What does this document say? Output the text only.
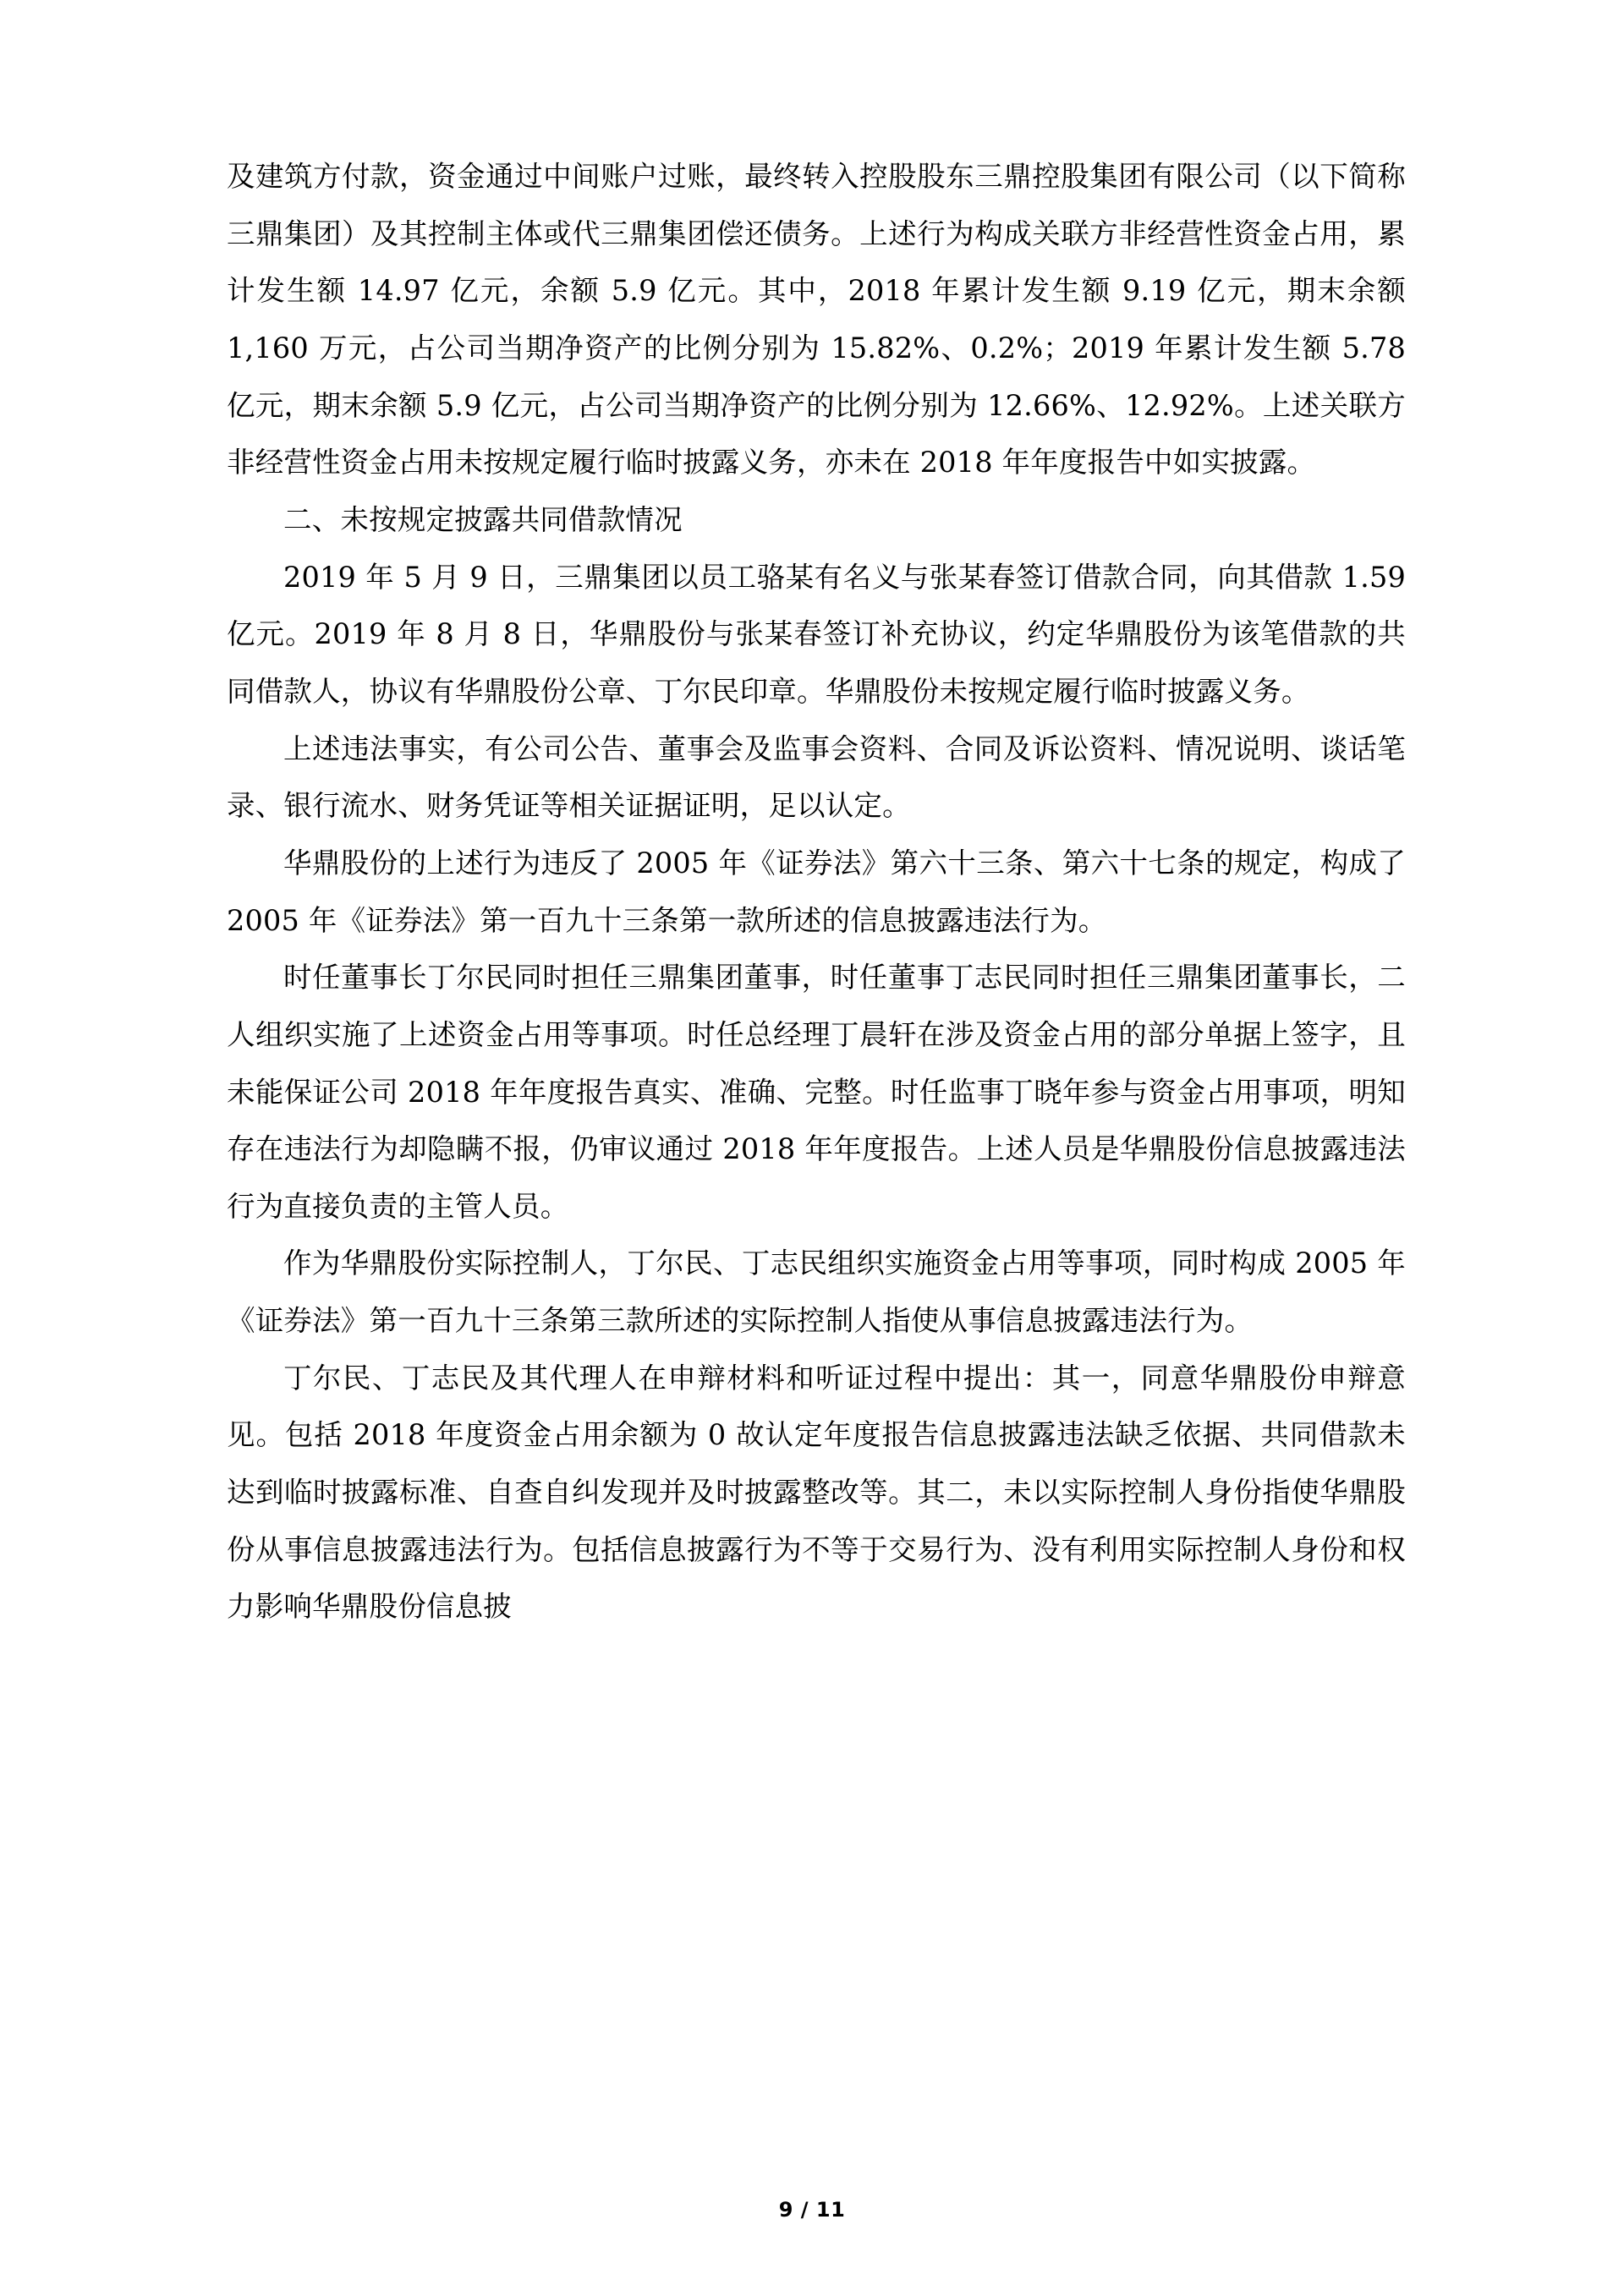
及建筑方付款，资金通过中间账户过账，最终转入控股股东三鼎控股集团有限公司（以下简称三鼎集团）及其控制主体或代三鼎集团偿还债务。上述行为构成关联方非经营性资金占用，累计发生额 14.97 亿元，余额 5.9 亿元。其中，2018 年累计发生额 9.19 亿元，期末余额 1,160 万元，占公司当期净资产的比例分别为 15.82%、0.2%；2019 年累计发生额 5.78 亿元，期末余额 5.9 亿元，占公司当期净资产的比例分别为 12.66%、12.92%。上述关联方非经营性资金占用未按规定履行临时披露义务，亦未在 2018 年年度报告中如实披露。

二、未按规定披露共同借款情况

2019 年 5 月 9 日，三鼎集团以员工骆某有名义与张某春签订借款合同，向其借款 1.59 亿元。2019 年 8 月 8 日，华鼎股份与张某春签订补充协议，约定华鼎股份为该笔借款的共同借款人，协议有华鼎股份公章、丁尔民印章。华鼎股份未按规定履行临时披露义务。

上述违法事实，有公司公告、董事会及监事会资料、合同及诉讼资料、情况说明、谈话笔录、银行流水、财务凭证等相关证据证明，足以认定。

华鼎股份的上述行为违反了 2005 年《证券法》第六十三条、第六十七条的规定，构成了 2005 年《证券法》第一百九十三条第一款所述的信息披露违法行为。

时任董事长丁尔民同时担任三鼎集团董事，时任董事丁志民同时担任三鼎集团董事长，二人组织实施了上述资金占用等事项。时任总经理丁晨轩在涉及资金占用的部分单据上签字，且未能保证公司 2018 年年度报告真实、准确、完整。时任监事丁晓年参与资金占用事项，明知存在违法行为却隐瞒不报，仍审议通过 2018 年年度报告。上述人员是华鼎股份信息披露违法行为直接负责的主管人员。

作为华鼎股份实际控制人，丁尔民、丁志民组织实施资金占用等事项，同时构成 2005 年《证券法》第一百九十三条第三款所述的实际控制人指使从事信息披露违法行为。

丁尔民、丁志民及其代理人在申辩材料和听证过程中提出：其一，同意华鼎股份申辩意见。包括 2018 年度资金占用余额为 0 故认定年度报告信息披露违法缺乏依据、共同借款未达到临时披露标准、自查自纠发现并及时披露整改等。其二，未以实际控制人身份指使华鼎股份从事信息披露违法行为。包括信息披露行为不等于交易行为、没有利用实际控制人身份和权力影响华鼎股份信息披

9 / 11
